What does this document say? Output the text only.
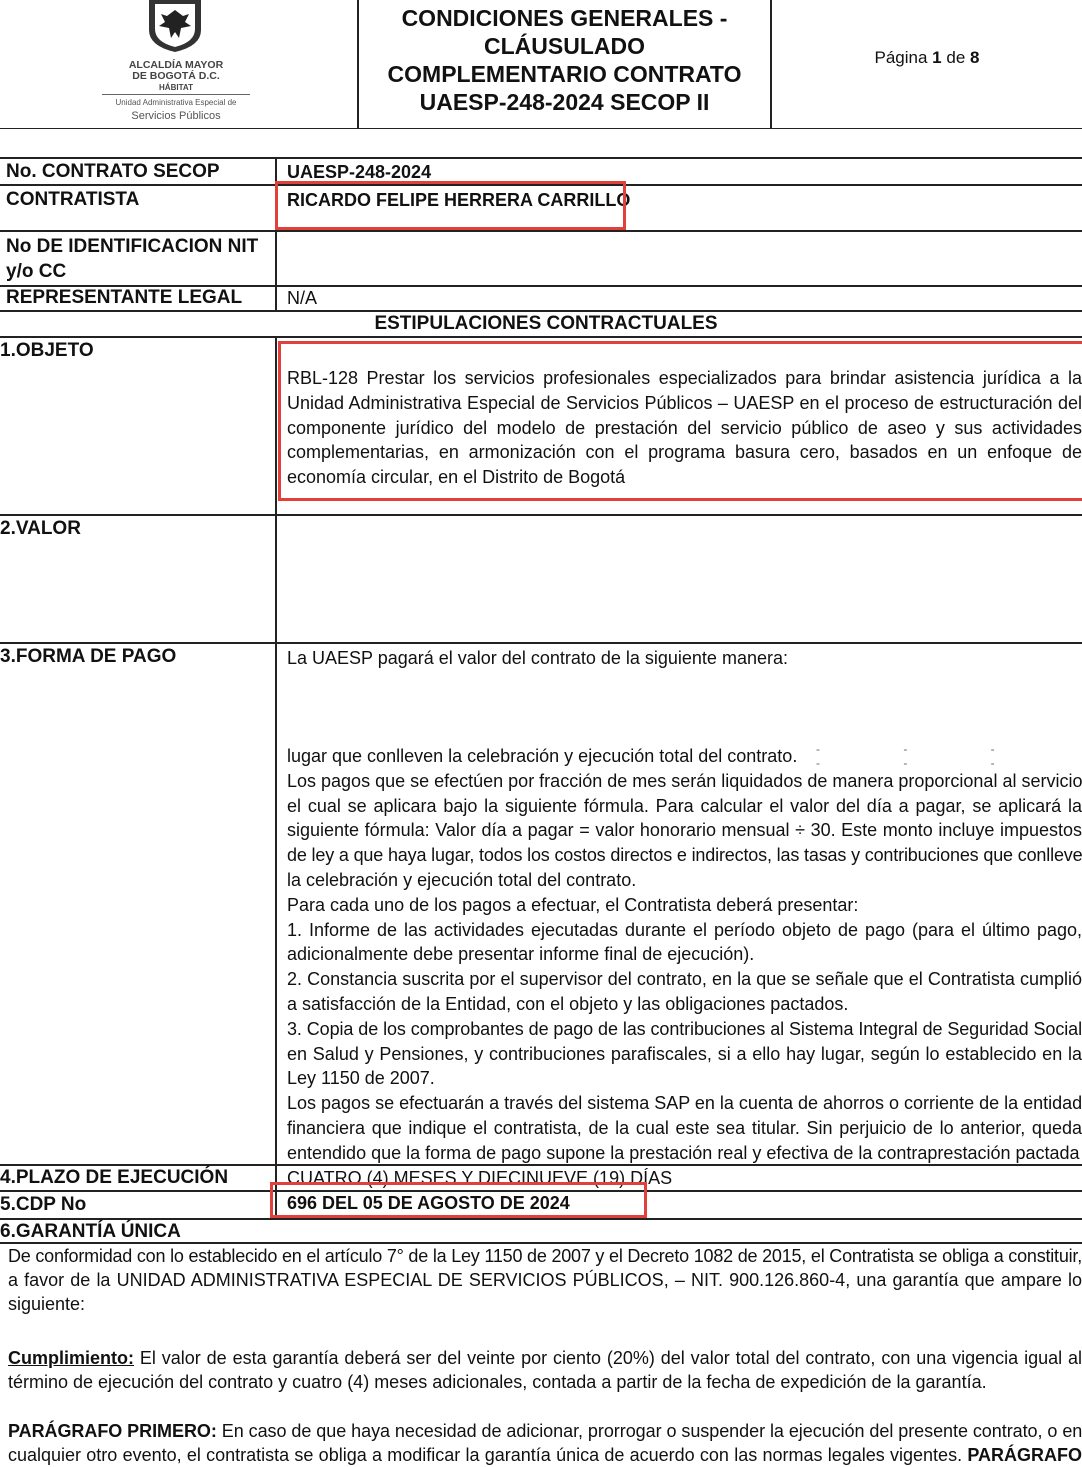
ALCALDÍA MAYOR
DE BOGOTÁ D.C.
HÁBITAT
Unidad Administrativa Especial de
Servicios Públicos
CONDICIONES GENERALES -
CLÁUSULADO
COMPLEMENTARIO CONTRATO
UAESP-248-2024 SECOP II
Página 1 de 8
No. CONTRATO SECOP	UAESP-248-2024
CONTRATISTA	RICARDO FELIPE HERRERA CARRILLO
No DE IDENTIFICACION NIT
y/o CC
REPRESENTANTE LEGAL N/A
ESTIPULACIONES CONTRACTUALES
1.OBJETO
RBL-128 Prestar los servicios profesionales especializados para brindar asistencia jurídica a la
Unidad Administrativa Especial de Servicios Públicos – UAESP en el proceso de estructuración del
componente jurídico del modelo de prestación del servicio público de aseo y sus actividades
complementarias, en armonización con el programa basura cero, basados en un enfoque de
economía circular, en el Distrito de Bogotá
2.VALOR
3.FORMA DE PAGO	La UAESP pagará el valor del contrato de la siguiente manera:
- - - - - -
lugar que conlleven la celebración y ejecución total del contrato.
Los pagos que se efectúen por fracción de mes serán liquidados de manera proporcional al servicio
el cual se aplicara bajo la siguiente fórmula. Para calcular el valor del día a pagar, se aplicará la
siguiente fórmula: Valor día a pagar = valor honorario mensual ÷ 30. Este monto incluye impuestos
de ley a que haya lugar, todos los costos directos e indirectos, las tasas y contribuciones que conlleve
la celebración y ejecución total del contrato.
Para cada uno de los pagos a efectuar, el Contratista deberá presentar:
1. Informe de las actividades ejecutadas durante el período objeto de pago (para el último pago,
adicionalmente debe presentar informe final de ejecución).
2. Constancia suscrita por el supervisor del contrato, en la que se señale que el Contratista cumplió
a satisfacción de la Entidad, con el objeto y las obligaciones pactados.
3. Copia de los comprobantes de pago de las contribuciones al Sistema Integral de Seguridad Social
en Salud y Pensiones, y contribuciones parafiscales, si a ello hay lugar, según lo establecido en la
Ley 1150 de 2007.
Los pagos se efectuarán a través del sistema SAP en la cuenta de ahorros o corriente de la entidad
financiera que indique el contratista, de la cual este sea titular. Sin perjuicio de lo anterior, queda
entendido que la forma de pago supone la prestación real y efectiva de la contraprestación pactada
4.PLAZO DE EJECUCIÓN	CUATRO (4) MESES Y DIECINUEVE (19) DÍAS
5.CDP No	696 DEL 05 DE AGOSTO DE 2024
6.GARANTÍA ÚNICA
De conformidad con lo establecido en el artículo 7° de la Ley 1150 de 2007 y el Decreto 1082 de 2015, el Contratista se obliga a constituir,
a favor de la UNIDAD ADMINISTRATIVA ESPECIAL DE SERVICIOS PÚBLICOS, – NIT. 900.126.860-4, una garantía que ampare lo
siguiente:
Cumplimiento: El valor de esta garantía deberá ser del veinte por ciento (20%) del valor total del contrato, con una vigencia igual al
término de ejecución del contrato y cuatro (4) meses adicionales, contada a partir de la fecha de expedición de la garantía.
PARÁGRAFO PRIMERO: En caso de que haya necesidad de adicionar, prorrogar o suspender la ejecución del presente contrato, o en
cualquier otro evento, el contratista se obliga a modificar la garantía única de acuerdo con las normas legales vigentes. PARÁGRAFO
